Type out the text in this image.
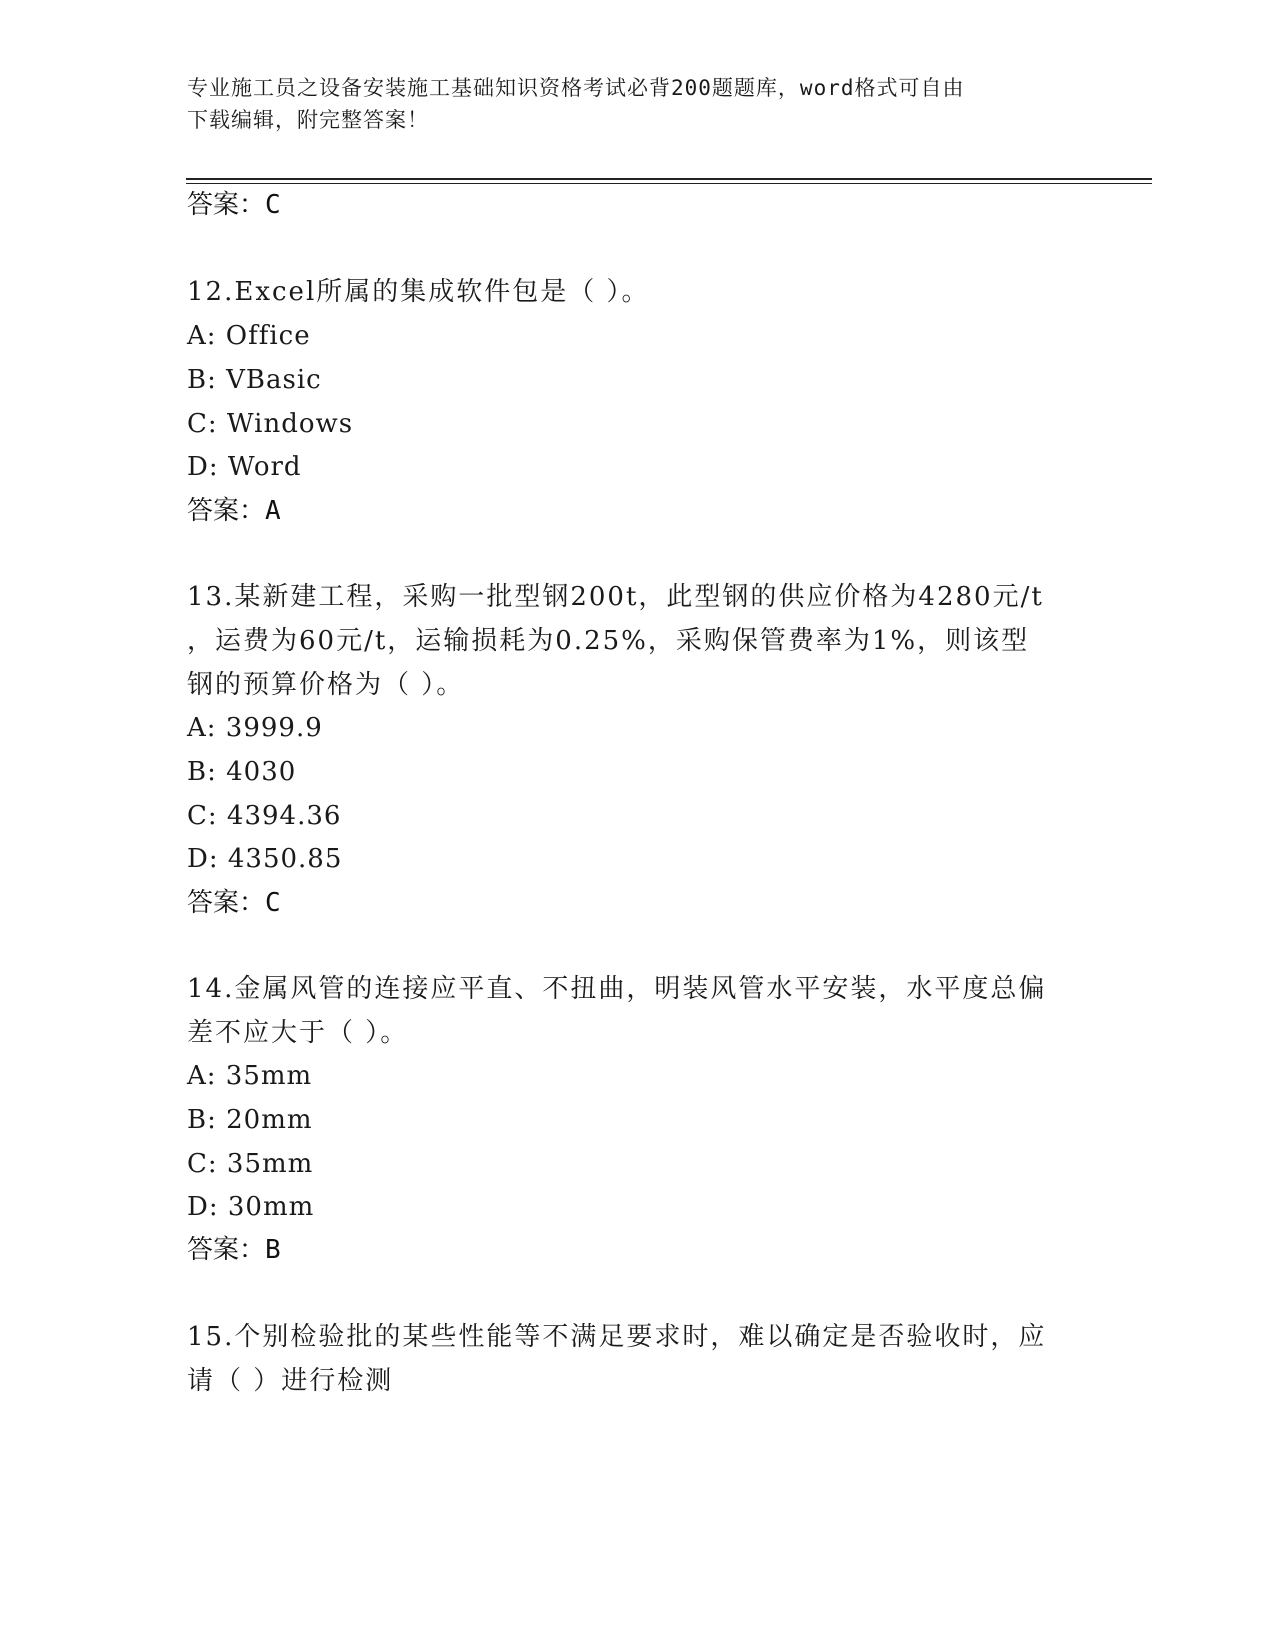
专业施工员之设备安装施工基础知识资格考试必背200题题库，word格式可自由
下载编辑，附完整答案！
答案：C
12.Excel所属的集成软件包是（ ）。
A: Office
B: VBasic
C: Windows
D: Word
答案：A
13.某新建工程，采购一批型钢200t，此型钢的供应价格为4280元/t
，运费为60元/t，运输损耗为0.25%，采购保管费率为1%，则该型
钢的预算价格为（ ）。
A: 3999.9
B: 4030
C: 4394.36
D: 4350.85
答案：C
14.金属风管的连接应平直、不扭曲，明装风管水平安装，水平度总偏
差不应大于（ ）。
A: 35mm
B: 20mm
C: 35mm
D: 30mm
答案：B
15.个别检验批的某些性能等不满足要求时，难以确定是否验收时，应
请（ ）进行检测
